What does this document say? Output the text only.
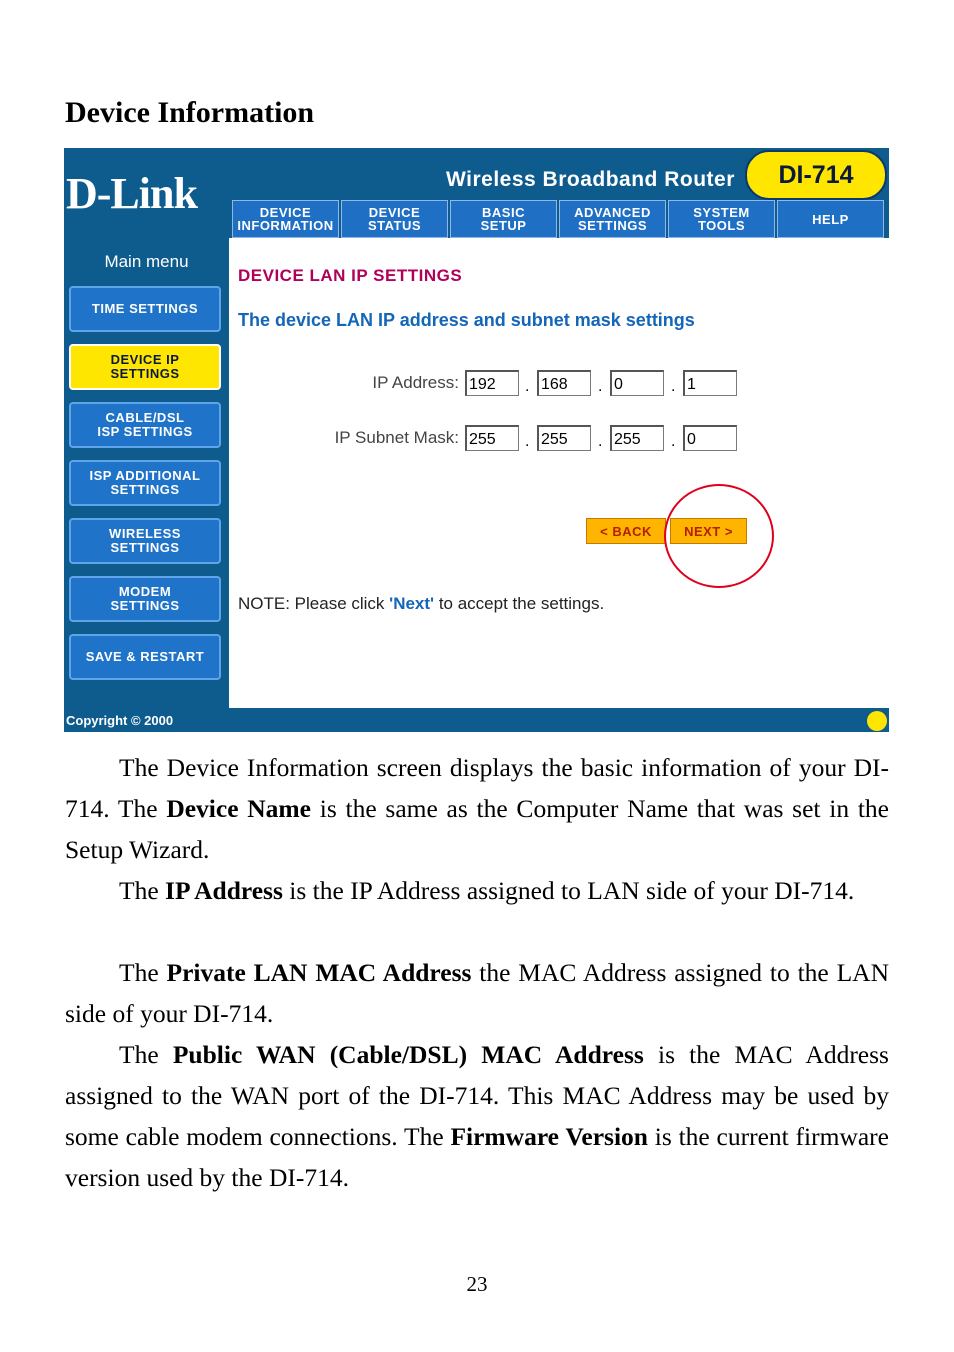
Device Information
D-Link	Wireless Broadband Router	DI-714
DEVICE
INFORMATION
DEVICE
STATUS
BASIC
SETUP
ADVANCED
SETTINGS
SYSTEM
TOOLS	HELP
Main menu
TIME SETTINGS
DEVICE IP
SETTINGS
CABLE/DSL
ISP SETTINGS
ISP ADDITIONAL
SETTINGS
WIRELESS
SETTINGS
MODEM
SETTINGS
SAVE & RESTART
DEVICE LAN IP SETTINGS
The device LAN IP address and subnet mask settings
IP Address: 192	. 168	. 0	. 1
IP Subnet Mask: 255	. 255	. 255	. 0
< BACK	NEXT >
NOTE: Please click 'Next' to accept the settings.
Copyright © 2000
The Device Information screen displays the basic information of your DI-714. The Device Name is the same as the Computer Name that was set in the Setup Wizard.
The IP Address is the IP Address assigned to LAN side of your DI-714.
The Private LAN MAC Address the MAC Address assigned to the LAN side of your DI-714.
The Public WAN (Cable/DSL) MAC Address is the MAC Address assigned to the WAN port of the DI-714. This MAC Address may be used by some cable modem connections. The Firmware Version is the current firmware version used by the DI-714.
23
